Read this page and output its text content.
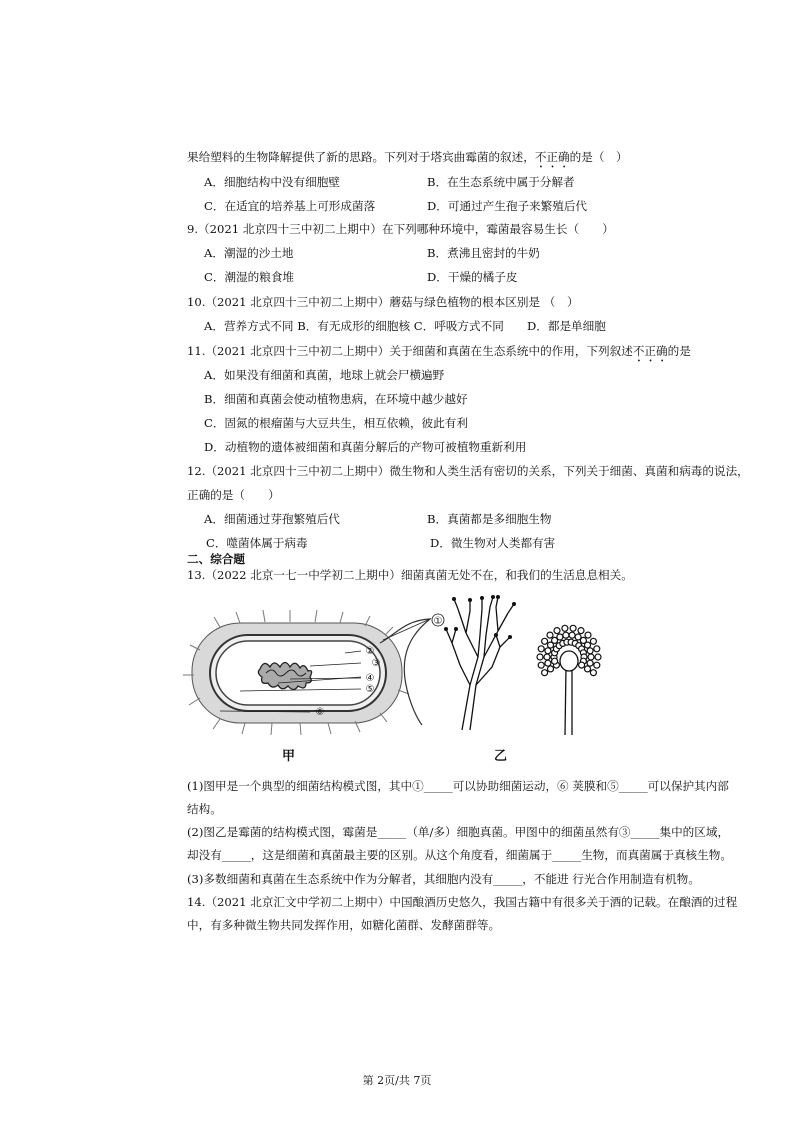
果给塑料的生物降解提供了新的思路。下列对于塔宾曲霉菌的叙述，不正确的是（　）
A．细胞结构中没有细胞壁	B．在生态系统中属于分解者
C．在适宜的培养基上可形成菌落	D．可通过产生孢子来繁殖后代
9.（2021 北京四十三中初二上期中）在下列哪种环境中，霉菌最容易生长（　　）
A．潮湿的沙土地	B．煮沸且密封的牛奶
C．潮湿的粮食堆	D．干燥的橘子皮
10.（2021 北京四十三中初二上期中）蘑菇与绿色植物的根本区别是 （　）
A．营养方式不同 B．有无成形的细胞核 C．呼吸方式不同　　D．都是单细胞
11.（2021 北京四十三中初二上期中）关于细菌和真菌在生态系统中的作用，下列叙述不正确的是
A．如果没有细菌和真菌，地球上就会尸横遍野
B．细菌和真菌会使动植物患病，在环境中越少越好
C．固氮的根瘤菌与大豆共生，相互依赖，彼此有利
D．动植物的遗体被细菌和真菌分解后的产物可被植物重新利用
12.（2021 北京四十三中初二上期中）微生物和人类生活有密切的关系，下列关于细菌、真菌和病毒的说法，
正确的是（　　）
A．细菌通过芽孢繁殖后代	B．真菌都是多细胞生物
C．噬菌体属于病毒	D．微生物对人类都有害
二、综合题
13.（2022 北京一七一中学初二上期中）细菌真菌无处不在，和我们的生活息息相关。
①
②
③
④
⑤
⑥
甲	乙
(1)图甲是一个典型的细菌结构模式图，其中①_____可以协助细菌运动，⑥ 荚膜和⑤_____可以保护其内部
结构。
(2)图乙是霉菌的结构模式图，霉菌是_____（单/多）细胞真菌。甲图中的细菌虽然有③_____集中的区域，
却没有_____，这是细菌和真菌最主要的区别。从这个角度看，细菌属于_____生物，而真菌属于真核生物。
(3)多数细菌和真菌在生态系统中作为分解者，其细胞内没有_____，不能进 行光合作用制造有机物。
14.（2021 北京汇文中学初二上期中）中国酿酒历史悠久，我国古籍中有很多关于酒的记载。在酿酒的过程
中，有多种微生物共同发挥作用，如糖化菌群、发酵菌群等。
第 2页/共 7页
